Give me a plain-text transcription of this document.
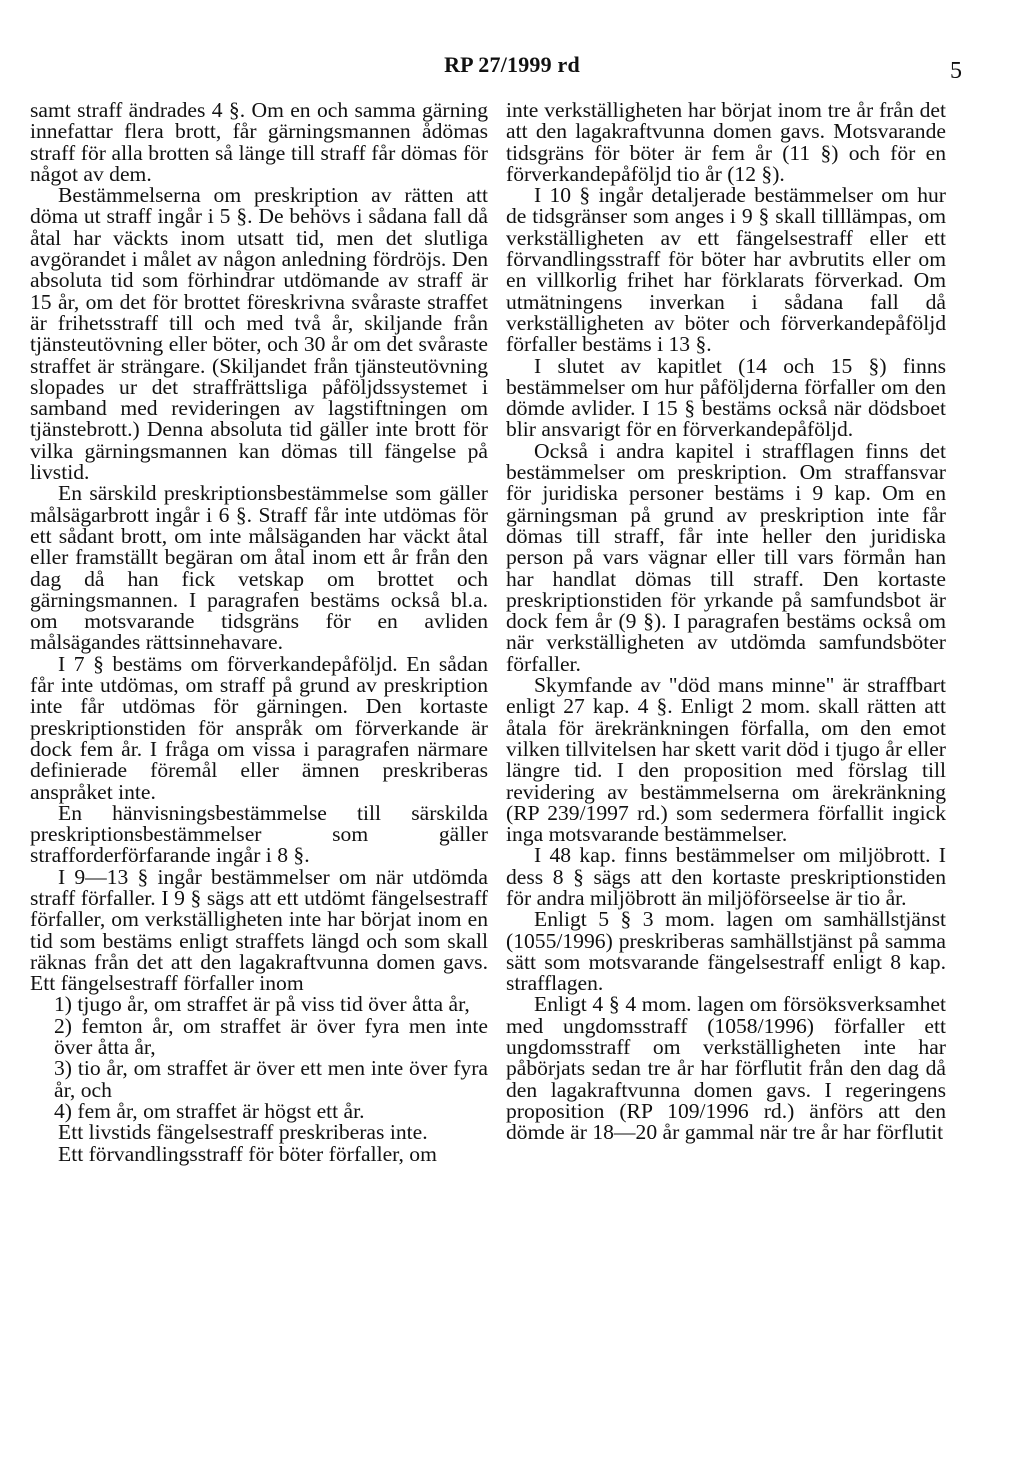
RP 27/1999 rd	5

samt straff ändrades 4 §. Om en och samma gärning innefattar flera brott, får gärningsmannen ådömas straff för alla brotten så länge till straff får dömas för något av dem.

Bestämmelserna om preskription av rätten att döma ut straff ingår i 5 §. De behövs i sådana fall då åtal har väckts inom utsatt tid, men det slutliga avgörandet i målet av någon anledning fördröjs. Den absoluta tid som förhindrar utdömande av straff är 15 år, om det för brottet föreskrivna svåraste straffet är frihetsstraff till och med två år, skiljande från tjänsteutövning eller böter, och 30 år om det svåraste straffet är strängare. (Skiljandet från tjänsteutövning slopades ur det straffrättsliga påföljdssystemet i samband med revideringen av lagstiftningen om tjänstebrott.) Denna absoluta tid gäller inte brott för vilka gärningsmannen kan dömas till fängelse på livstid.

En särskild preskriptionsbestämmelse som gäller målsägarbrott ingår i 6 §. Straff får inte utdömas för ett sådant brott, om inte målsäganden har väckt åtal eller framställt begäran om åtal inom ett år från den dag då han fick vetskap om brottet och gärningsmannen. I paragrafen bestäms också bl.a. om motsvarande tidsgräns för en avliden målsägandes rättsinnehavare.

I 7 § bestäms om förverkandepåföljd. En sådan får inte utdömas, om straff på grund av preskription inte får utdömas för gärningen. Den kortaste preskriptionstiden för anspråk om förverkande är dock fem år. I fråga om vissa i paragrafen närmare definierade föremål eller ämnen preskriberas anspråket inte.

En hänvisningsbestämmelse till särskilda preskriptionsbestämmelser som gäller strafforderförfarande ingår i 8 §.

I 9—13 § ingår bestämmelser om när utdömda straff förfaller. I 9 § sägs att ett utdömt fängelsestraff förfaller, om verkställigheten inte har börjat inom en tid som bestäms enligt straffets längd och som skall räknas från det att den lagakraftvunna domen gavs. Ett fängelsestraff förfaller inom

1) tjugo år, om straffet är på viss tid över åtta år,

2) femton år, om straffet är över fyra men inte över åtta år,

3) tio år, om straffet är över ett men inte över fyra år, och

4) fem år, om straffet är högst ett år.

Ett livstids fängelsestraff preskriberas inte.

Ett förvandlingsstraff för böter förfaller, om

inte verkställigheten har börjat inom tre år från det att den lagakraftvunna domen gavs. Motsvarande tidsgräns för böter är fem år (11 §) och för en förverkandepåföljd tio år (12 §).

I 10 § ingår detaljerade bestämmelser om hur de tidsgränser som anges i 9 § skall tilllämpas, om verkställigheten av ett fängelsestraff eller ett förvandlingsstraff för böter har avbrutits eller om en villkorlig frihet har förklarats förverkad. Om utmätningens inverkan i sådana fall då verkställigheten av böter och förverkandepåföljd förfaller bestäms i 13 §.

I slutet av kapitlet (14 och 15 §) finns bestämmelser om hur påföljderna förfaller om den dömde avlider. I 15 § bestäms också när dödsboet blir ansvarigt för en förverkandepåföljd.

Också i andra kapitel i strafflagen finns det bestämmelser om preskription. Om straffansvar för juridiska personer bestäms i 9 kap. Om en gärningsman på grund av preskription inte får dömas till straff, får inte heller den juridiska person på vars vägnar eller till vars förmån han har handlat dömas till straff. Den kortaste preskriptionstiden för yrkande på samfundsbot är dock fem år (9 §). I paragrafen bestäms också om när verkställigheten av utdömda samfundsböter förfaller.

Skymfande av "död mans minne" är straffbart enligt 27 kap. 4 §. Enligt 2 mom. skall rätten att åtala för ärekränkningen förfalla, om den emot vilken tillvitelsen har skett varit död i tjugo år eller längre tid. I den proposition med förslag till revidering av bestämmelserna om ärekränkning (RP 239/1997 rd.) som sedermera förfallit ingick inga motsvarande bestämmelser.

I 48 kap. finns bestämmelser om miljöbrott. I dess 8 § sägs att den kortaste preskriptionstiden för andra miljöbrott än miljöförseelse är tio år.

Enligt 5 § 3 mom. lagen om samhällstjänst (1055/1996) preskriberas samhällstjänst på samma sätt som motsvarande fängelsestraff enligt 8 kap. strafflagen.

Enligt 4 § 4 mom. lagen om försöksverksamhet med ungdomsstraff (1058/1996) förfaller ett ungdomsstraff om verkställigheten inte har påbörjats sedan tre år har förflutit från den dag då den lagakraftvunna domen gavs. I regeringens proposition (RP 109/1996 rd.) änförs att den dömde är 18—20 år gammal när tre år har förflutit
